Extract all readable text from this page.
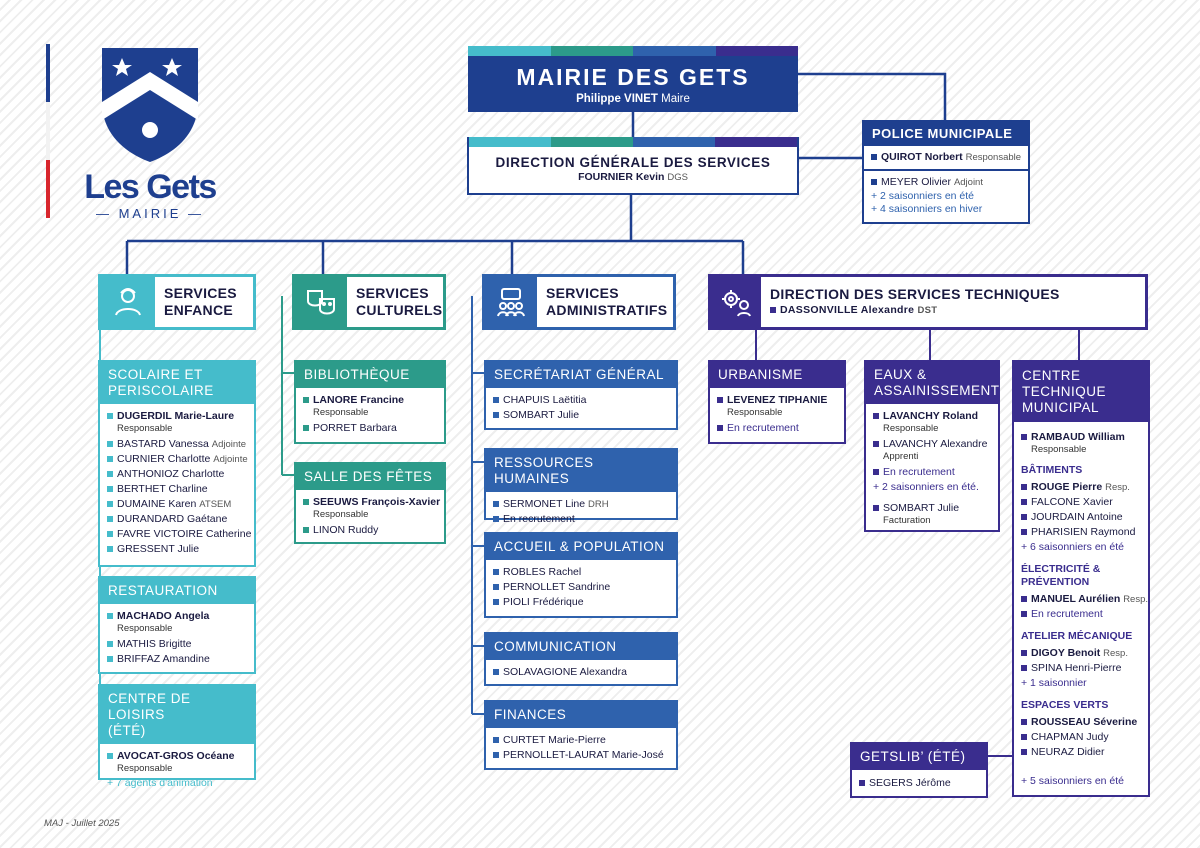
Les Gets
— MAIRIE —
MAIRIE DES GETS
Philippe VINET Maire
DIRECTION GÉNÉRALE DES SERVICES
FOURNIER Kevin DGS
POLICE MUNICIPALE
QUIROT Norbert Responsable
MEYER Olivier Adjoint
+ 2 saisonniers en été
+ 4 saisonniers en hiver
SERVICES
ENFANCE
SERVICES
CULTURELS
SERVICES
ADMINISTRATIFS
DIRECTION DES SERVICES TECHNIQUES
DASSONVILLE Alexandre DST
SCOLAIRE ET
PERISCOLAIRE
DUGERDIL Marie-Laure
Responsable
BASTARD Vanessa Adjointe
CURNIER Charlotte Adjointe
ANTHONIOZ Charlotte
BERTHET Charline
DUMAINE Karen ATSEM
DURANDARD Gaétane
FAVRE VICTOIRE Catherine
GRESSENT Julie
RESTAURATION
MACHADO Angela
Responsable
MATHIS Brigitte
BRIFFAZ Amandine
CENTRE DE LOISIRS
(ÉTÉ)
AVOCAT-GROS Océane
Responsable
+ 7 agents d'animation
BIBLIOTHÈQUE
LANORE Francine
Responsable
PORRET Barbara
SALLE DES FÊTES
SEEUWS François-Xavier
Responsable
LINON Ruddy
SECRÉTARIAT GÉNÉRAL
CHAPUIS Laëtitia
SOMBART Julie
RESSOURCES HUMAINES
SERMONET Line DRH
En recrutement
ACCUEIL & POPULATION
ROBLES Rachel
PERNOLLET Sandrine
PIOLI Frédérique
COMMUNICATION
SOLAVAGIONE Alexandra
FINANCES
CURTET Marie-Pierre
PERNOLLET-LAURAT Marie-José
URBANISME
LEVENEZ TIPHANIE
Responsable
En recrutement
EAUX &
ASSAINISSEMENT
LAVANCHY Roland
Responsable
LAVANCHY Alexandre
Apprenti
En recrutement
+ 2 saisonniers en été.
SOMBART Julie
Facturation
CENTRE
TECHNIQUE
MUNICIPAL
RAMBAUD William
Responsable
BÂTIMENTS
ROUGE Pierre Resp.
FALCONE Xavier
JOURDAIN Antoine
PHARISIEN Raymond
+ 6 saisonniers en été
ÉLECTRICITÉ &
PRÉVENTION
MANUEL Aurélien Resp.
En recrutement
ATELIER MÉCANIQUE
DIGOY Benoit Resp.
SPINA Henri-Pierre
+ 1 saisonnier
ESPACES VERTS
ROUSSEAU Séverine
CHAPMAN Judy
NEURAZ Didier
+ 5 saisonniers en été
GETSLIB’ (ÉTÉ)
SEGERS Jérôme
MAJ - Juillet 2025
